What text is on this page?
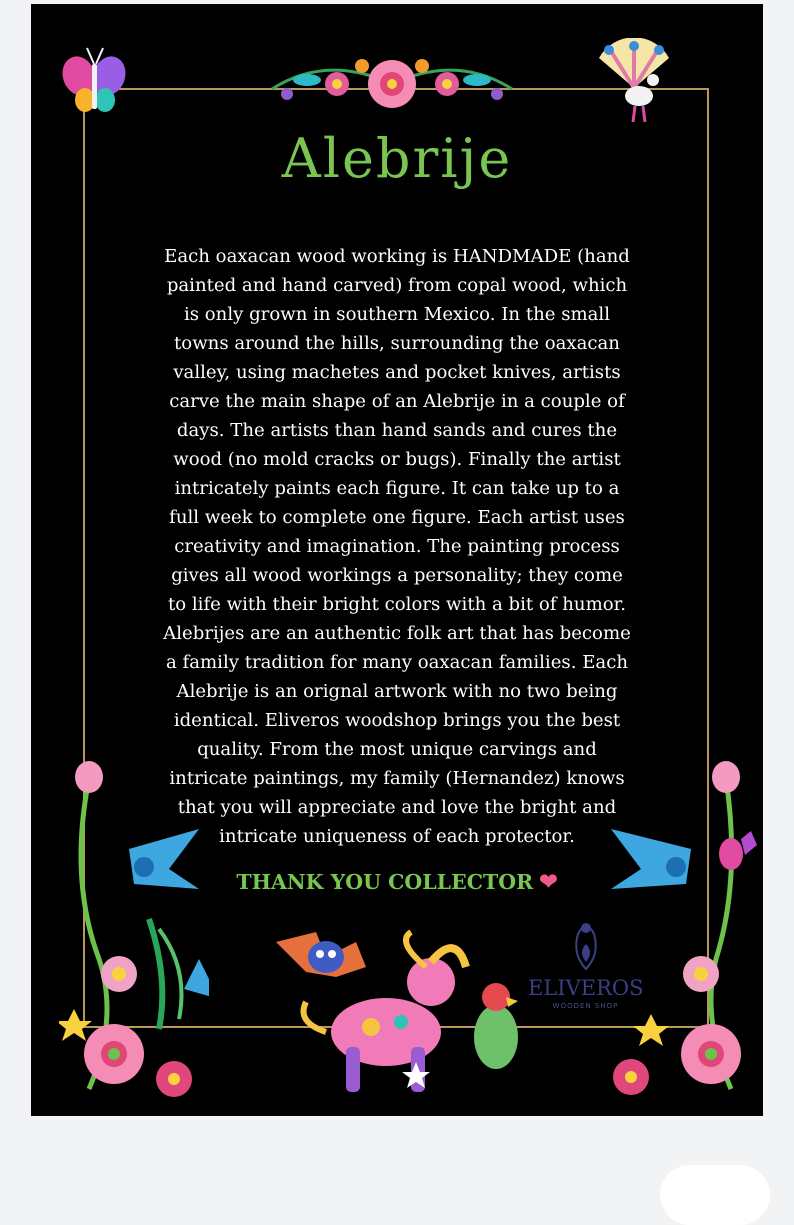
Alebrije
Each oaxacan wood working is HANDMADE (hand
painted and hand carved) from copal wood, which
is only grown in southern Mexico. In the small
towns around the hills, surrounding the oaxacan
valley, using machetes and pocket knives, artists
carve the main shape of an Alebrije in a couple of
days. The artists than hand sands and cures the
wood (no mold cracks or bugs). Finally the artist
intricately paints each figure. It can take up to a
full week to complete one figure. Each artist uses
creativity and imagination. The painting process
gives all wood workings a personality; they come
to life with their bright colors with a bit of humor.
Alebrijes are an authentic folk art that has become
a family tradition for many oaxacan families. Each
Alebrije is an orignal artwork with no two being
identical. Eliveros woodshop brings you the best
quality. From the most unique carvings and
intricate paintings, my family (Hernandez) knows
that you will appreciate and love the bright and
intricate uniqueness of each protector.
THANK YOU COLLECTOR ❤
ELIVEROS
WOODEN SHOP
